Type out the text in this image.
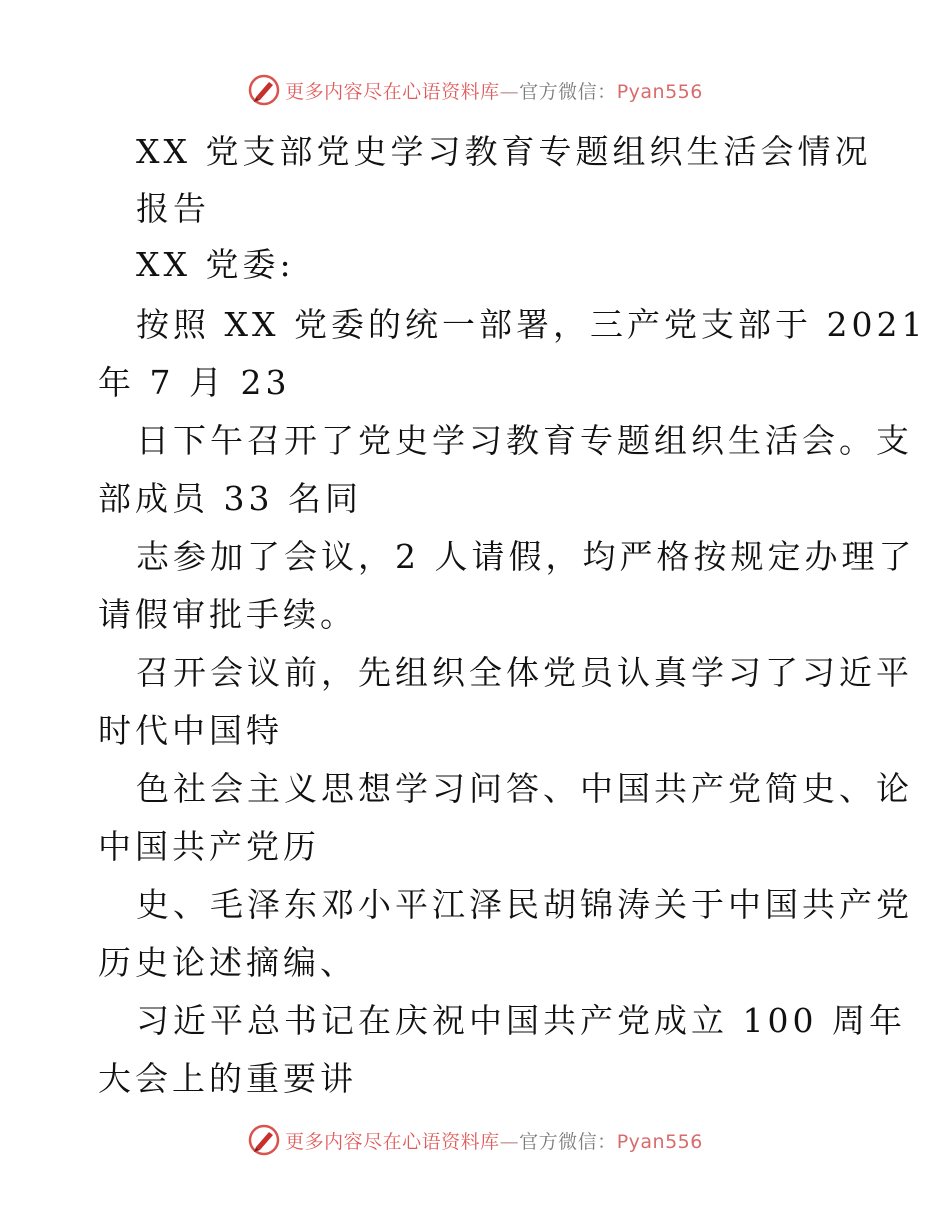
更多内容尽在心语资料库—官方微信：Pyan556
XX 党支部党史学习教育专题组织生活会情况
报告
XX 党委:
按照 XX 党委的统一部署，三产党支部于 2021
年 7 月 23
日下午召开了党史学习教育专题组织生活会。支
部成员 33 名同
志参加了会议，2 人请假，均严格按规定办理了
请假审批手续。
召开会议前，先组织全体党员认真学习了习近平
时代中国特
色社会主义思想学习问答、中国共产党简史、论
中国共产党历
史、毛泽东邓小平江泽民胡锦涛关于中国共产党
历史论述摘编、
习近平总书记在庆祝中国共产党成立 100 周年
大会上的重要讲
更多内容尽在心语资料库—官方微信：Pyan556
